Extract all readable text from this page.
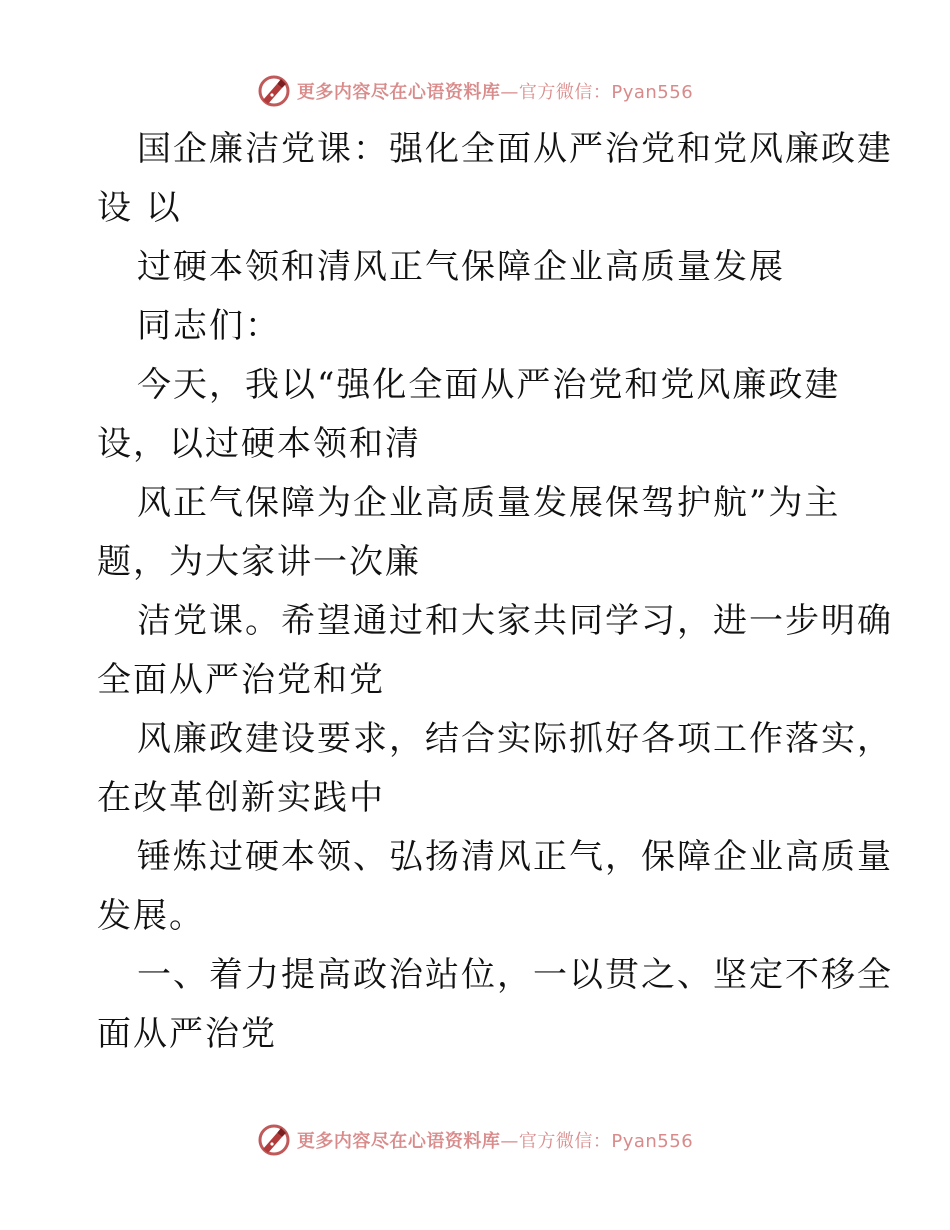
更多内容尽在心语资料库—官方微信：Pyan556
国企廉洁党课：强化全面从严治党和党风廉政建
设 以
过硬本领和清风正气保障企业高质量发展
同志们：
今天，我以“强化全面从严治党和党风廉政建
设，以过硬本领和清
风正气保障为企业高质量发展保驾护航”为主
题，为大家讲一次廉
洁党课。希望通过和大家共同学习，进一步明确
全面从严治党和党
风廉政建设要求，结合实际抓好各项工作落实，
在改革创新实践中
锤炼过硬本领、弘扬清风正气，保障企业高质量
发展。
一、着力提高政治站位，一以贯之、坚定不移全
面从严治党
更多内容尽在心语资料库—官方微信：Pyan556
